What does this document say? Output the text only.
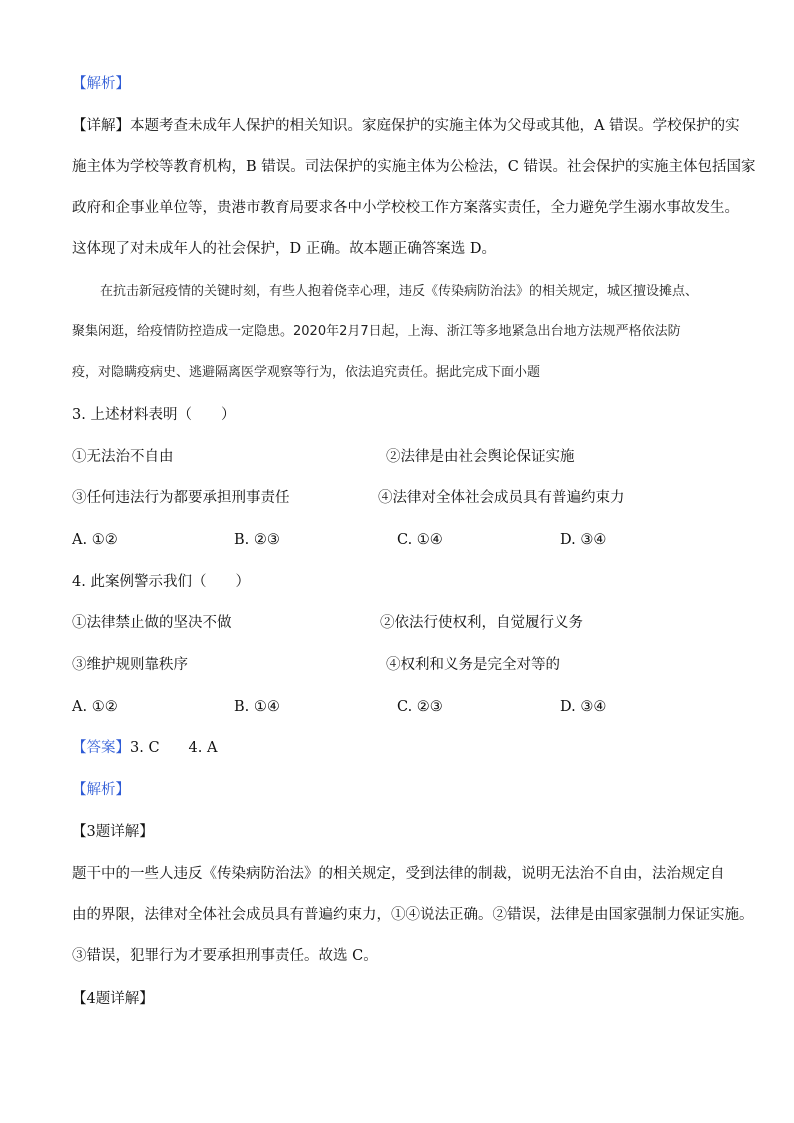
【解析】
【详解】本题考查未成年人保护的相关知识。家庭保护的实施主体为父母或其他，A 错误。学校保护的实
施主体为学校等教育机构，B 错误。司法保护的实施主体为公检法，C 错误。社会保护的实施主体包括国家
政府和企事业单位等，贵港市教育局要求各中小学校校工作方案落实责任，全力避免学生溺水事故发生。
这体现了对未成年人的社会保护，D 正确。故本题正确答案选 D。
在抗击新冠疫情的关键时刻，有些人抱着侥幸心理，违反《传染病防治法》的相关规定，城区擅设摊点、
聚集闲逛，给疫情防控造成一定隐患。2020年2月7日起，上海、浙江等多地紧急出台地方法规严格依法防
疫，对隐瞒疫病史、逃避隔离医学观察等行为，依法追究责任。据此完成下面小题
3. 上述材料表明（　　）
①无法治不自由	②法律是由社会舆论保证实施
③任何违法行为都要承担刑事责任	④法律对全体社会成员具有普遍约束力
A. ①②	B. ②③	C. ①④	D. ③④
4. 此案例警示我们（　　）
①法律禁止做的坚决不做	②依法行使权利，自觉履行义务
③维护规则靠秩序	④权利和义务是完全对等的
A. ①②	B. ①④	C. ②③	D. ③④
【答案】3. C　　4. A
【解析】
【3题详解】
题干中的一些人违反《传染病防治法》的相关规定，受到法律的制裁，说明无法治不自由，法治规定自
由的界限，法律对全体社会成员具有普遍约束力，①④说法正确。②错误，法律是由国家强制力保证实施。
③错误，犯罪行为才要承担刑事责任。故选 C。
【4题详解】
